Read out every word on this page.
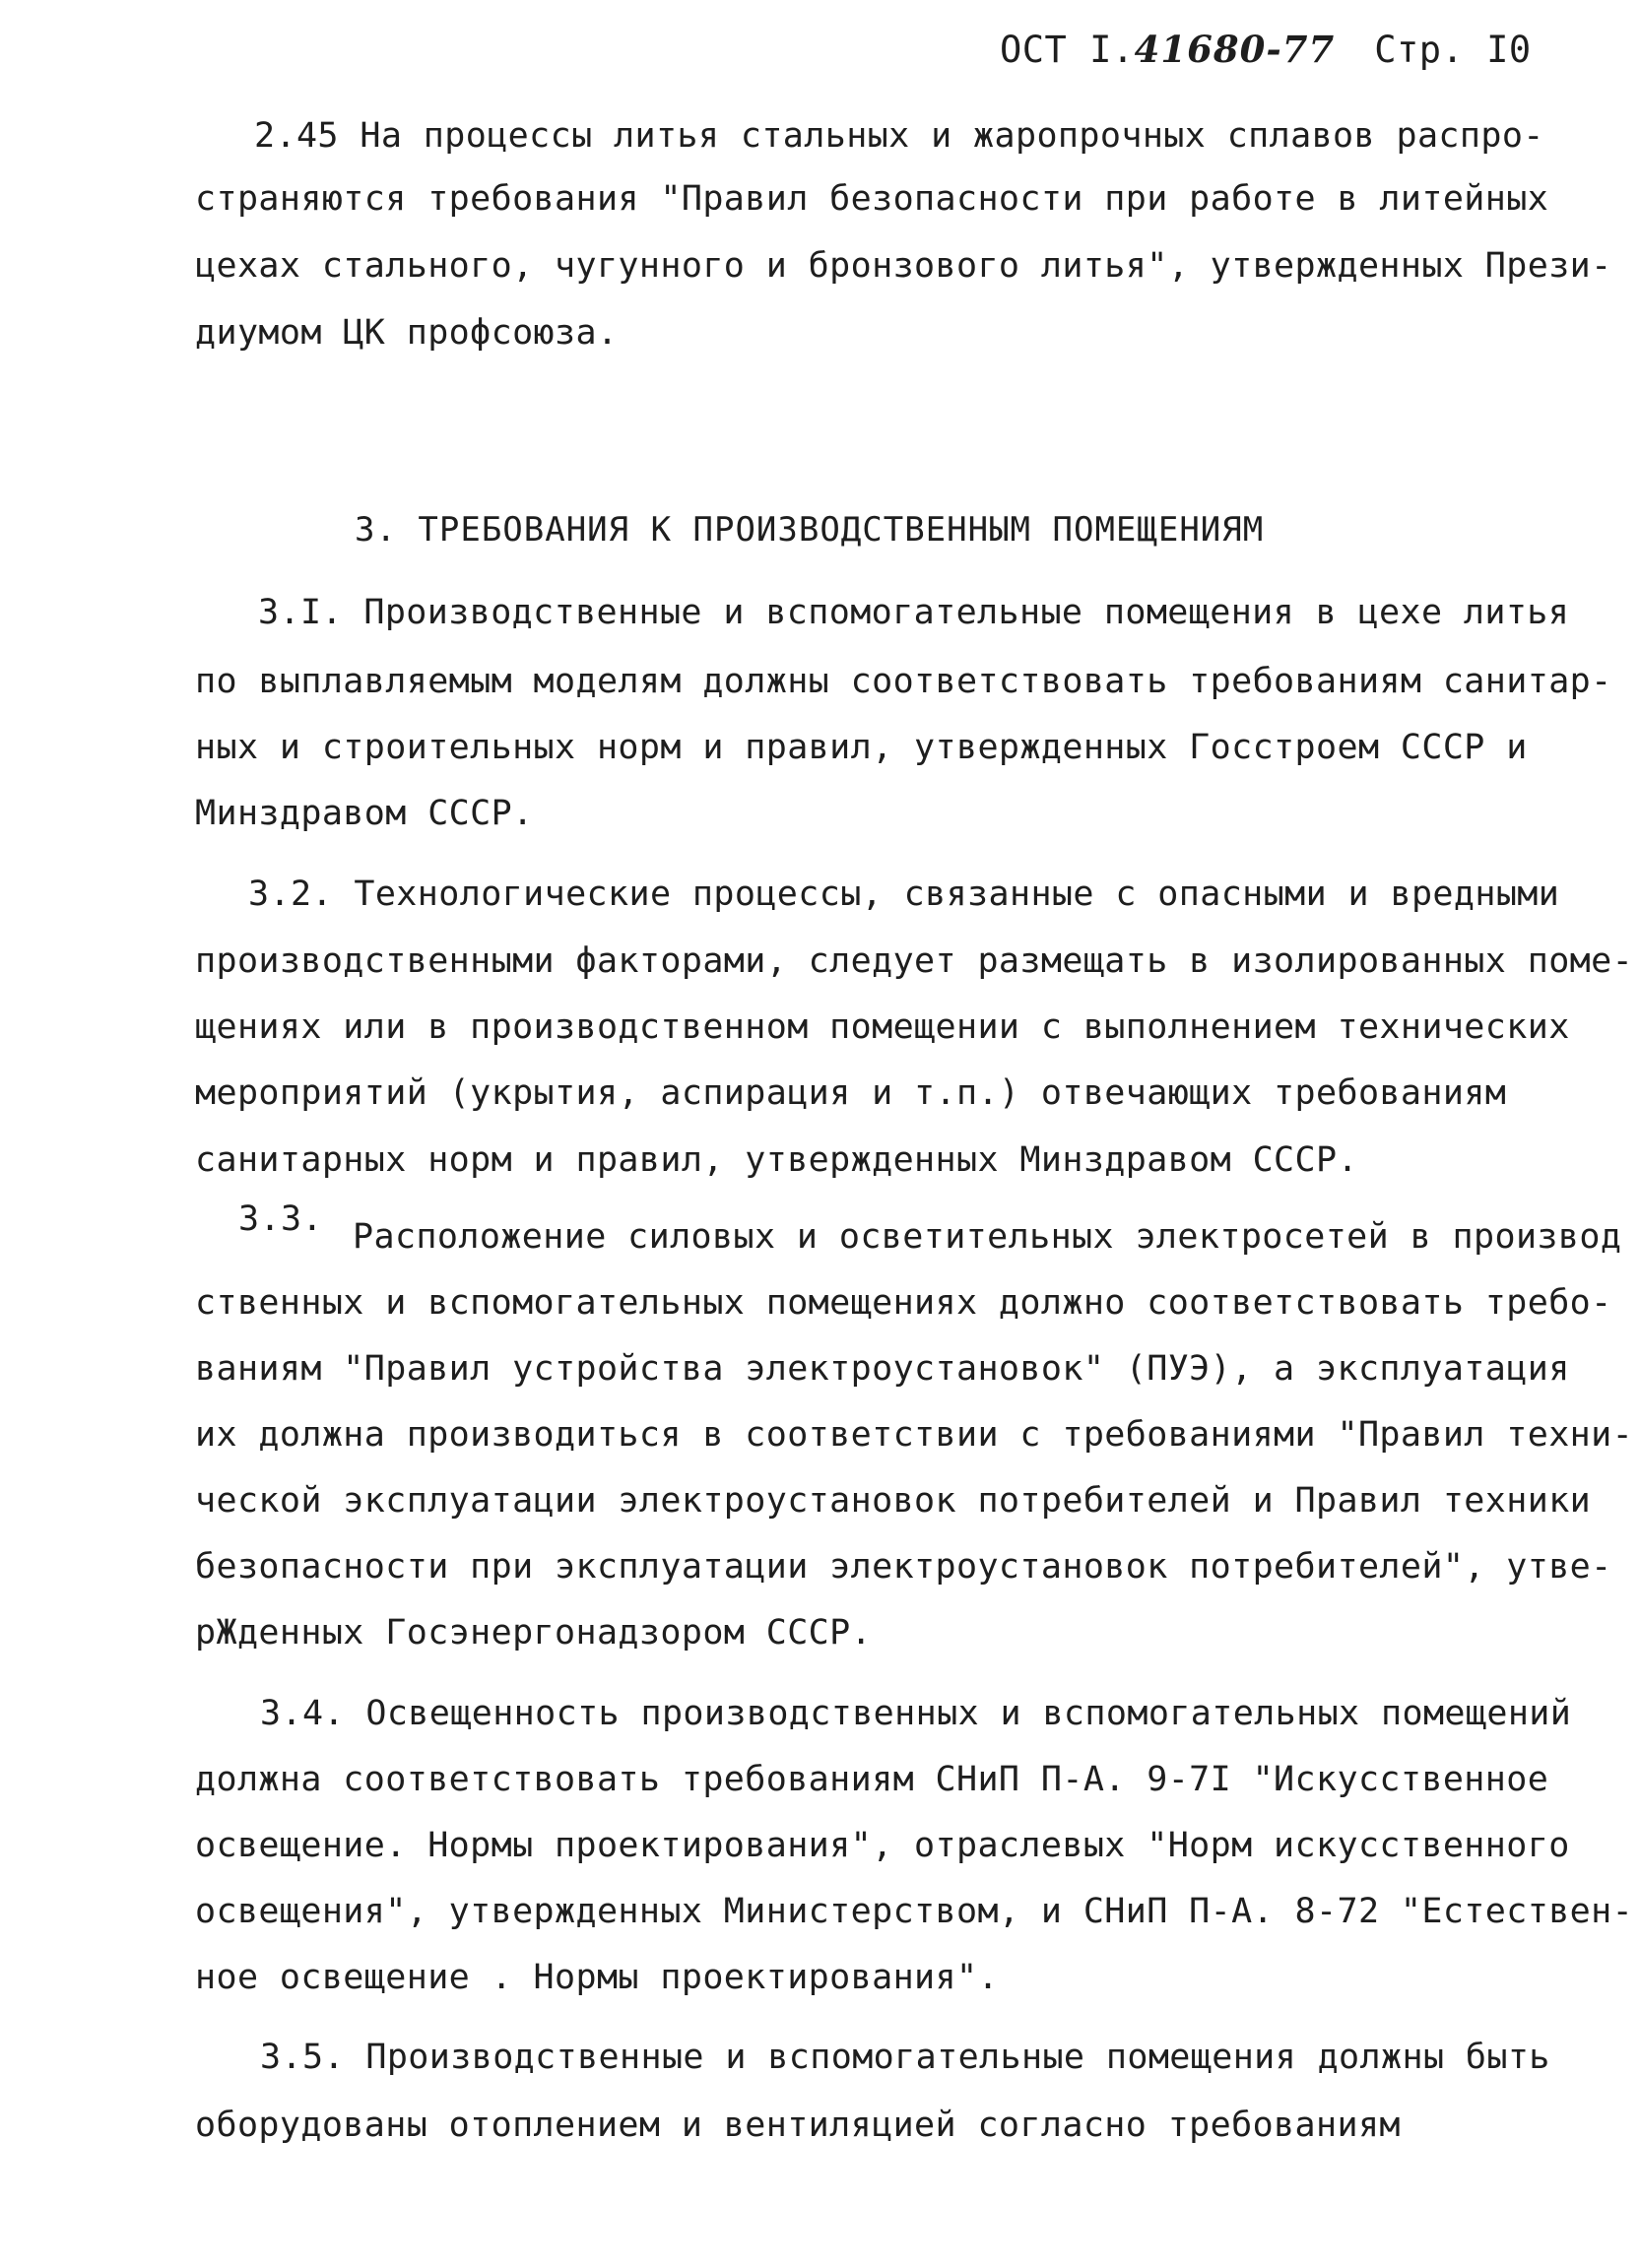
ОСТ I.41680-77 Стр. I0
2.45 На процессы литья стальных и жаропрочных сплавов распро-
страняются требования "Правил безопасности при работе в литейных
цехах стального, чугунного и бронзового литья", утвержденных Прези-
диумом ЦК профсоюза.
3. ТРЕБОВАНИЯ К ПРОИЗВОДСТВЕННЫМ ПОМЕЩЕНИЯМ
3.I. Производственные и вспомогательные помещения в цехе литья
по выплавляемым моделям должны соответствовать требованиям санитар-
ных и строительных норм и правил, утвержденных Госстроем СССР и
Минздравом СССР.
3.2. Технологические процессы, связанные с опасными и вредными
производственными факторами, следует размещать в изолированных поме-
щениях или в производственном помещении с выполнением технических
мероприятий (укрытия, аспирация и т.п.) отвечающих требованиям
санитарных норм и правил, утвержденных Минздравом СССР.
3.3. Расположение силовых и осветительных электросетей в производ
ственных и вспомогательных помещениях должно соответствовать требо-
ваниям "Правил устройства электроустановок" (ПУЭ), а эксплуатация
их должна производиться в соответствии с требованиями "Правил техни-
ческой эксплуатации электроустановок потребителей и Правил техники
безопасности при эксплуатации электроустановок потребителей", утве-
рЖденных Госэнергонадзором СССР.
3.4. Освещенность производственных и вспомогательных помещений
должна соответствовать требованиям СНиП П-А. 9-7I "Искусственное
освещение. Нормы проектирования", отраслевых "Норм искусственного
освещения", утвержденных Министерством, и СНиП П-А. 8-72 "Естествен-
ное освещение . Нормы проектирования".
3.5. Производственные и вспомогательные помещения должны быть
оборудованы отоплением и вентиляцией согласно требованиям
